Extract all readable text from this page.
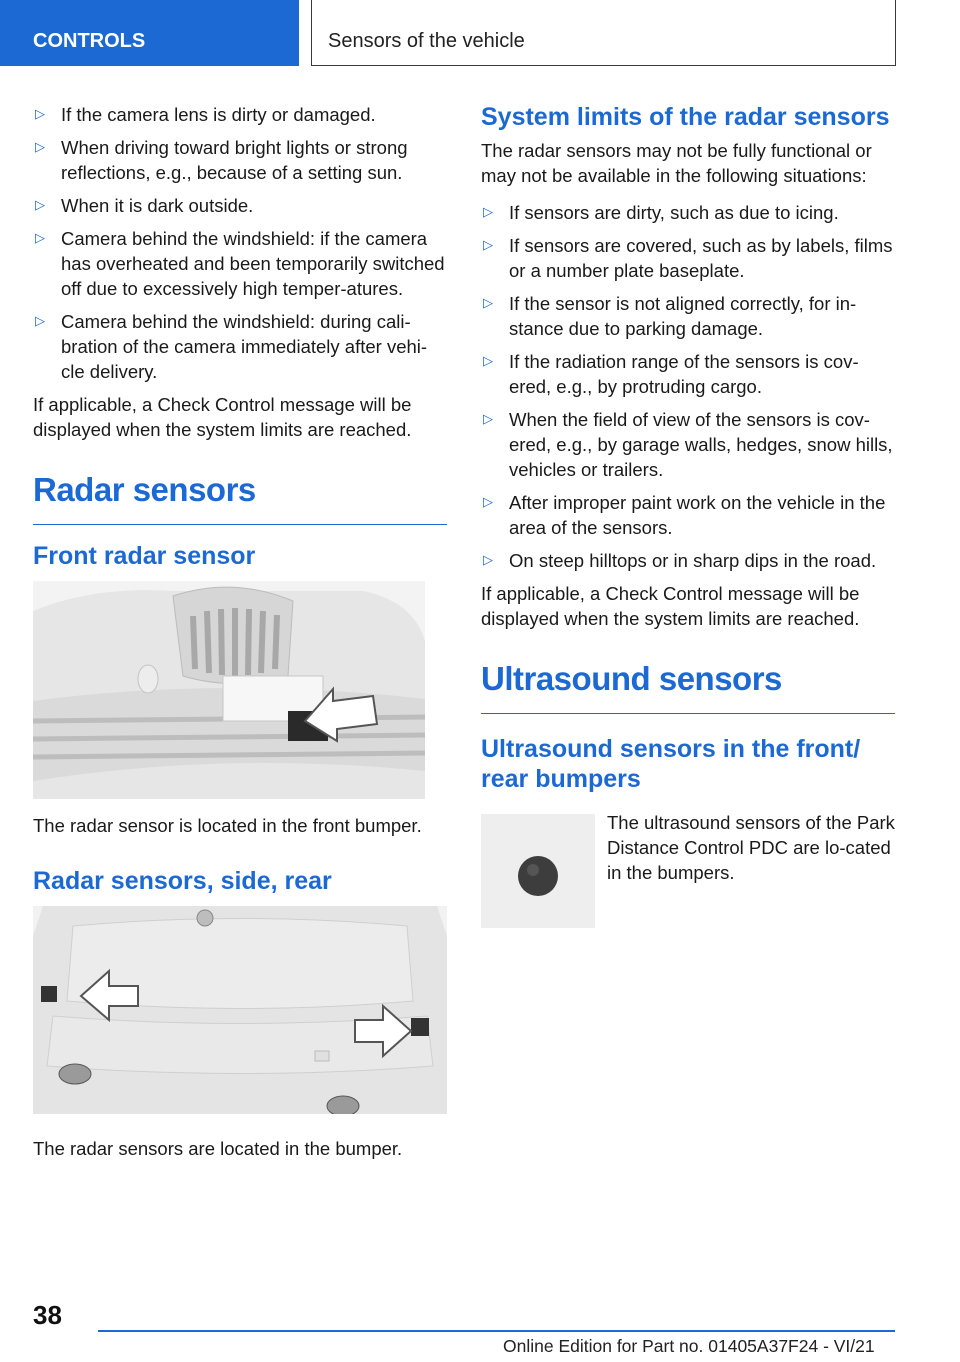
CONTROLS	Sensors of the vehicle
▷ If the camera lens is dirty or damaged.
▷ When driving toward bright lights or strong reflections, e.g., because of a setting sun.
▷ When it is dark outside.
▷ Camera behind the windshield: if the camera has overheated and been temporarily switched off due to excessively high temper‐atures.
▷ Camera behind the windshield: during cali‐bration of the camera immediately after vehi‐cle delivery.

If applicable, a Check Control message will be displayed when the system limits are reached.

Radar sensors
Front radar sensor

The radar sensor is located in the front bumper.

Radar sensors, side, rear

The radar sensors are located in the bumper.

System limits of the radar sensors

The radar sensors may not be fully functional or may not be available in the following situations:

▷ If sensors are dirty, such as due to icing.
▷ If sensors are covered, such as by labels, films or a number plate baseplate.
▷ If the sensor is not aligned correctly, for in‐stance due to parking damage.
▷ If the radiation range of the sensors is cov‐ered, e.g., by protruding cargo.
▷ When the field of view of the sensors is cov‐ered, e.g., by garage walls, hedges, snow hills, vehicles or trailers.
▷ After improper paint work on the vehicle in the area of the sensors.
▷ On steep hilltops or in sharp dips in the road.

If applicable, a Check Control message will be displayed when the system limits are reached.

Ultrasound sensors
Ultrasound sensors in the front/ rear bumpers

The ultrasound sensors of the Park Distance Control PDC are lo‐cated in the bumpers.

38
Online Edition for Part no. 01405A37F24 - VI/21
